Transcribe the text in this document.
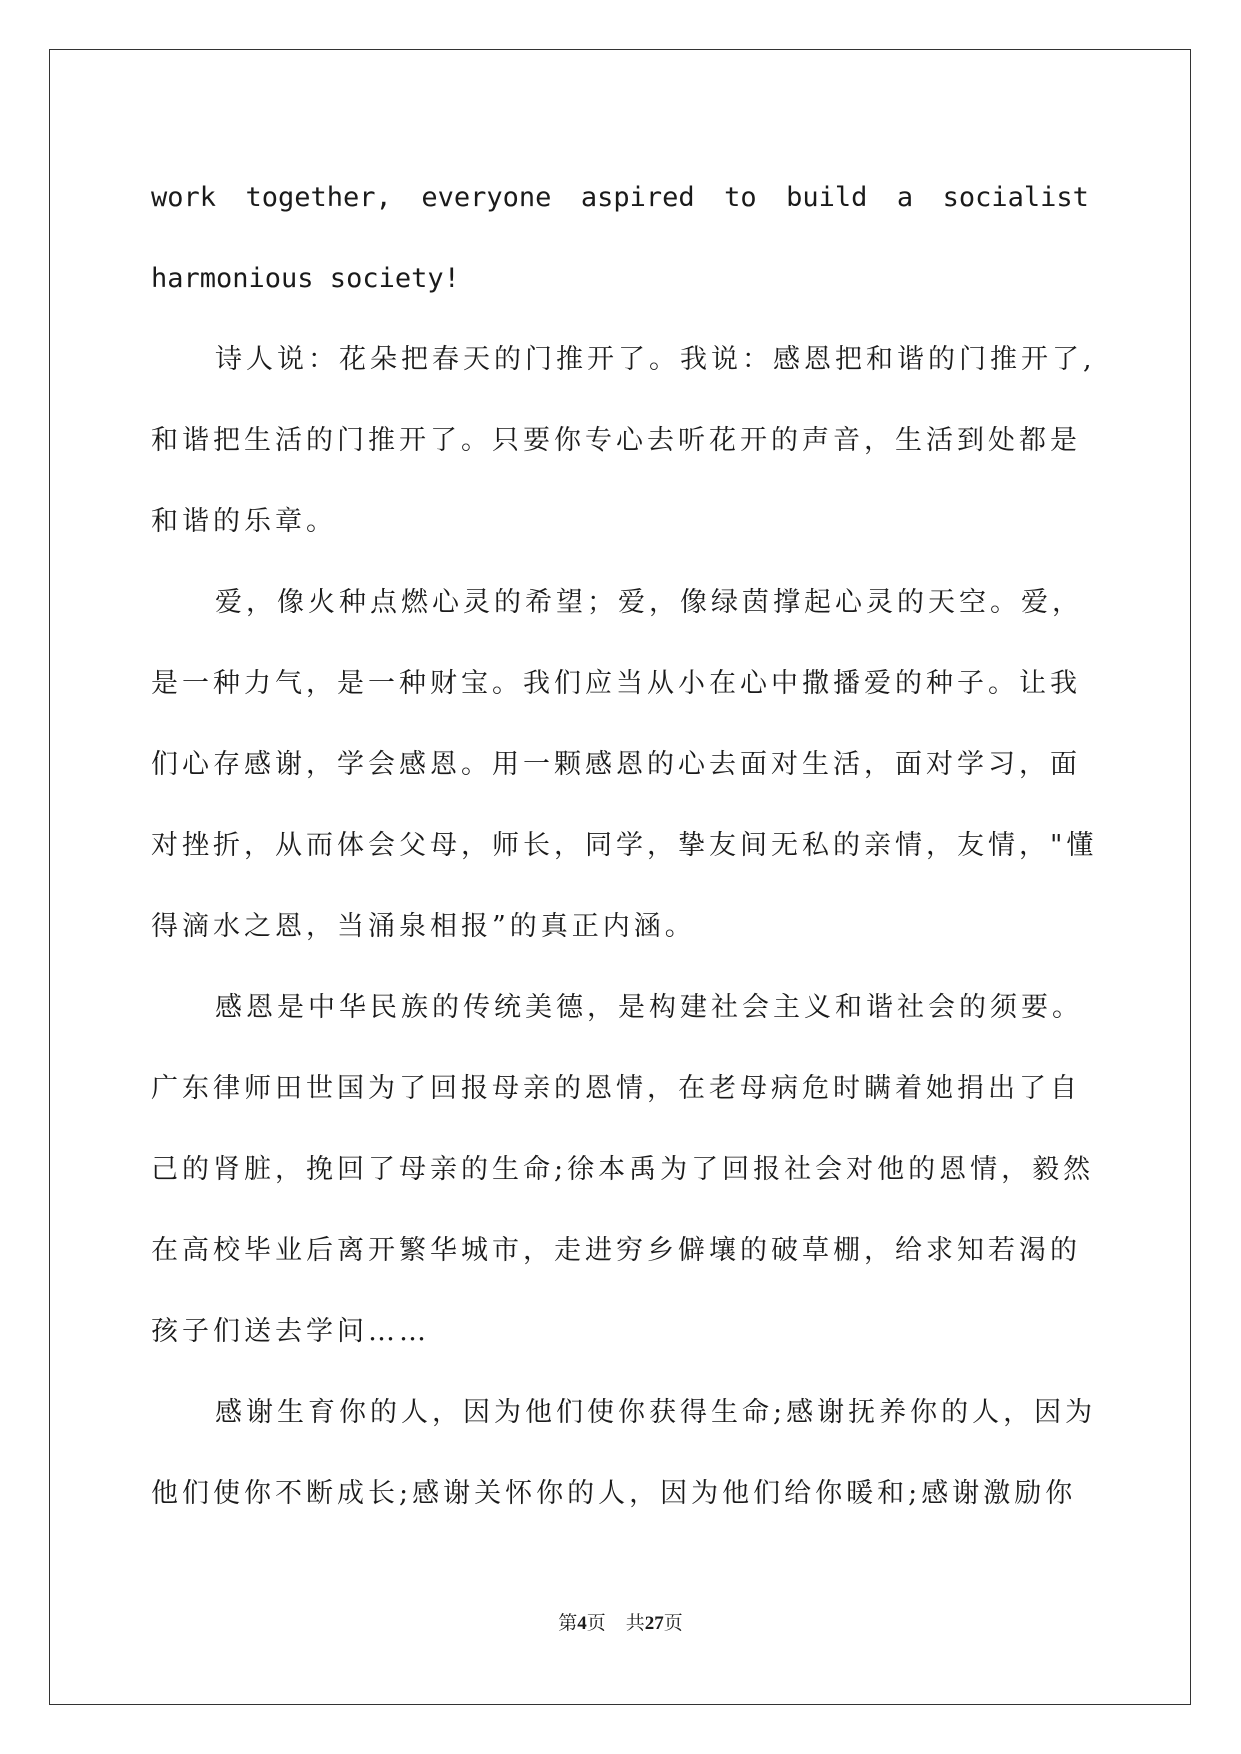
work together, everyone aspired to build a socialist
harmonious society!
诗人说：花朵把春天的门推开了。我说：感恩把和谐的门推开了,
和谐把生活的门推开了。只要你专心去听花开的声音，生活到处都是
和谐的乐章。
爱，像火种点燃心灵的希望；爱，像绿茵撑起心灵的天空。爱，
是一种力气，是一种财宝。我们应当从小在心中撒播爱的种子。让我
们心存感谢，学会感恩。用一颗感恩的心去面对生活，面对学习，面
对挫折，从而体会父母，师长，同学，挚友间无私的亲情，友情，"懂
得滴水之恩，当涌泉相报”的真正内涵。
感恩是中华民族的传统美德，是构建社会主义和谐社会的须要。
广东律师田世国为了回报母亲的恩情，在老母病危时瞒着她捐出了自
己的肾脏，挽回了母亲的生命;徐本禹为了回报社会对他的恩情，毅然
在高校毕业后离开繁华城市，走进穷乡僻壤的破草棚，给求知若渴的
孩子们送去学问……
感谢生育你的人，因为他们使你获得生命;感谢抚养你的人，因为
他们使你不断成长;感谢关怀你的人，因为他们给你暖和;感谢激励你
第4页 共27页
